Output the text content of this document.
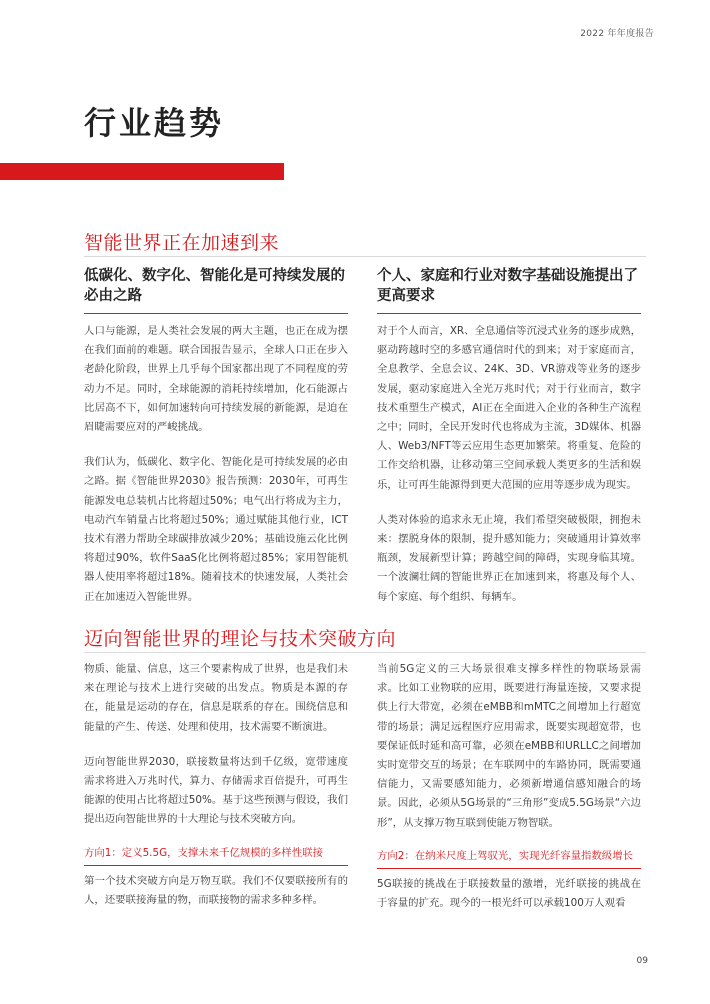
2022 年年度报告
行业趋势
智能世界正在加速到来
低碳化、数字化、智能化是可持续发展的必由之路

人口与能源，是人类社会发展的两大主题，也正在成为摆在我们面前的难题。联合国报告显示，全球人口正在步入老龄化阶段，世界上几乎每个国家都出现了不同程度的劳动力不足。同时，全球能源的消耗持续增加，化石能源占比居高不下，如何加速转向可持续发展的新能源，是迫在眉睫需要应对的严峻挑战。

我们认为，低碳化、数字化、智能化是可持续发展的必由之路。据《智能世界2030》报告预测：2030年，可再生能源发电总装机占比将超过50%；电气出行将成为主力，电动汽车销量占比将超过50%；通过赋能其他行业，ICT技术有潜力帮助全球碳排放减少20%；基础设施云化比例将超过90%，软件SaaS化比例将超过85%；家用智能机器人使用率将超过18%。随着技术的快速发展，人类社会正在加速迈入智能世界。

个人、家庭和行业对数字基础设施提出了更高要求

对于个人而言，XR、全息通信等沉浸式业务的逐步成熟，驱动跨越时空的多感官通信时代的到来；对于家庭而言，全息教学、全息会议、24K、3D、VR游戏等业务的逐步发展，驱动家庭进入全光万兆时代；对于行业而言，数字技术重塑生产模式，AI正在全面进入企业的各种生产流程之中；同时，全民开发时代也将成为主流，3D媒体、机器人、Web3/NFT等云应用生态更加繁荣。将重复、危险的工作交给机器，让移动第三空间承载人类更多的生活和娱乐，让可再生能源得到更大范围的应用等逐步成为现实。

人类对体验的追求永无止境，我们希望突破极限，拥抱未来：摆脱身体的限制，提升感知能力；突破通用计算效率瓶颈，发展新型计算；跨越空间的障碍，实现身临其境。一个波澜壮阔的智能世界正在加速到来，将惠及每个人、每个家庭、每个组织、每辆车。

迈向智能世界的理论与技术突破方向

物质、能量、信息，这三个要素构成了世界，也是我们未来在理论与技术上进行突破的出发点。物质是本源的存在，能量是运动的存在，信息是联系的存在。围绕信息和能量的产生、传送、处理和使用，技术需要不断演进。

迈向智能世界2030，联接数量将达到千亿级，宽带速度需求将进入万兆时代，算力、存储需求百倍提升，可再生能源的使用占比将超过50%。基于这些预测与假设，我们提出迈向智能世界的十大理论与技术突破方向。

方向1：定义5.5G，支撑未来千亿规模的多样性联接

第一个技术突破方向是万物互联。我们不仅要联接所有的人，还要联接海量的物，而联接物的需求多种多样。

当前5G定义的三大场景很难支撑多样性的物联场景需求。比如工业物联的应用，既要进行海量连接，又要求提供上行大带宽，必须在eMBB和mMTC之间增加上行超宽带的场景；满足远程医疗应用需求，既要实现超宽带，也要保证低时延和高可靠，必须在eMBB和URLLC之间增加实时宽带交互的场景；在车联网中的车路协同，既需要通信能力，又需要感知能力，必须新增通信感知融合的场景。因此，必须从5G场景的“三角形”变成5.5G场景“六边形”，从支撑万物互联到使能万物智联。

方向2：在纳米尺度上驾驭光，实现光纤容量指数级增长

5G联接的挑战在于联接数量的激增，光纤联接的挑战在于容量的扩充。现今的一根光纤可以承载100万人观看

09
